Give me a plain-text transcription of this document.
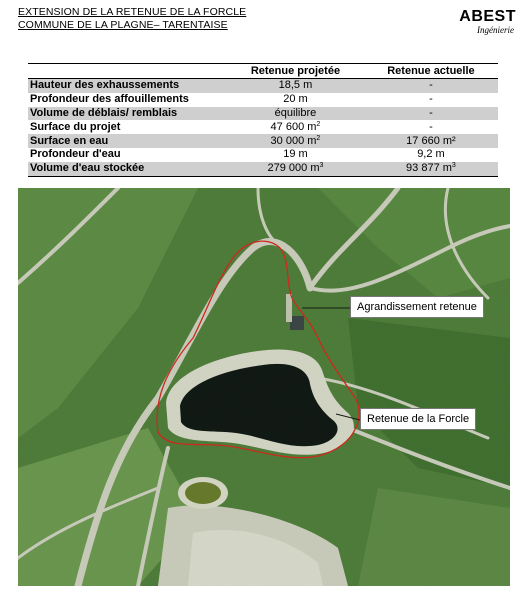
EXTENSION DE LA RETENUE DE LA FORCLE
COMMUNE DE LA PLAGNE– TARENTAISE	ABEST
Ingénierie
	Retenue projetée	Retenue actuelle
Hauteur des exhaussements	18,5 m	-
Profondeur des affouillements	20 m	-
Volume de déblais/ remblais	équilibre	-
Surface du projet	47 600 $m^2$	-
Surface en eau	30 000 $m^2$	17 660 m²
Profondeur d'eau	19 m	9,2 m
Volume d'eau stockée	279 000 $m^3$	93 877 $m^3$
Agrandissement retenue
Retenue de la Forcle
